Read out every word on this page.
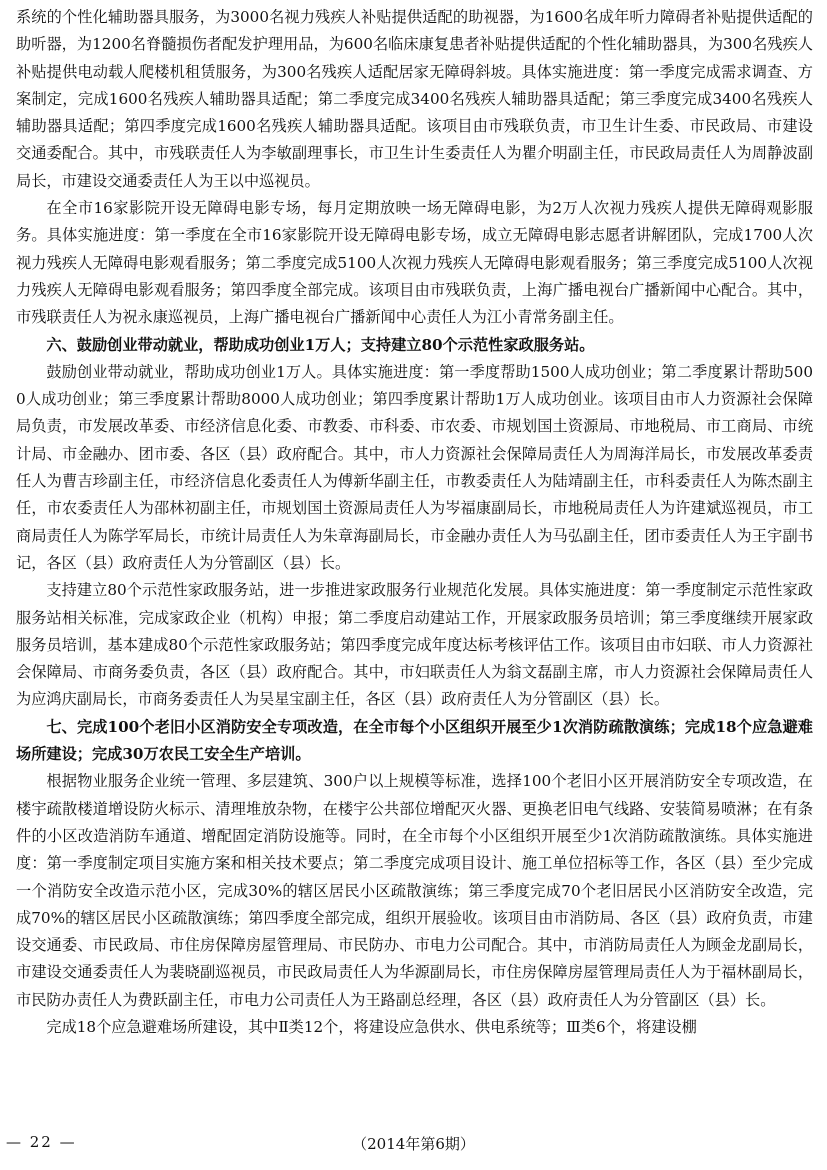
系统的个性化辅助器具服务，为3000名视力残疾人补贴提供适配的助视器，为1600名成年听力障碍者补贴提供适配的助听器，为1200名脊髓损伤者配发护理用品，为600名临床康复患者补贴提供适配的个性化辅助器具，为300名残疾人补贴提供电动载人爬楼机租赁服务，为300名残疾人适配居家无障碍斜坡。具体实施进度：第一季度完成需求调查、方案制定，完成1600名残疾人辅助器具适配；第二季度完成3400名残疾人辅助器具适配；第三季度完成3400名残疾人辅助器具适配；第四季度完成1600名残疾人辅助器具适配。该项目由市残联负责，市卫生计生委、市民政局、市建设交通委配合。其中，市残联责任人为李敏副理事长，市卫生计生委责任人为瞿介明副主任，市民政局责任人为周静波副局长，市建设交通委责任人为王以中巡视员。

在全市16家影院开设无障碍电影专场，每月定期放映一场无障碍电影，为2万人次视力残疾人提供无障碍观影服务。具体实施进度：第一季度在全市16家影院开设无障碍电影专场，成立无障碍电影志愿者讲解团队，完成1700人次视力残疾人无障碍电影观看服务；第二季度完成5100人次视力残疾人无障碍电影观看服务；第三季度完成5100人次视力残疾人无障碍电影观看服务；第四季度全部完成。该项目由市残联负责，上海广播电视台广播新闻中心配合。其中，市残联责任人为祝永康巡视员，上海广播电视台广播新闻中心责任人为江小青常务副主任。

六、鼓励创业带动就业，帮助成功创业1万人；支持建立80个示范性家政服务站。

鼓励创业带动就业，帮助成功创业1万人。具体实施进度：第一季度帮助1500人成功创业；第二季度累计帮助5000人成功创业；第三季度累计帮助8000人成功创业；第四季度累计帮助1万人成功创业。该项目由市人力资源社会保障局负责，市发展改革委、市经济信息化委、市教委、市科委、市农委、市规划国土资源局、市地税局、市工商局、市统计局、市金融办、团市委、各区（县）政府配合。其中，市人力资源社会保障局责任人为周海洋局长，市发展改革委责任人为曹吉珍副主任，市经济信息化委责任人为傅新华副主任，市教委责任人为陆靖副主任，市科委责任人为陈杰副主任，市农委责任人为邵林初副主任，市规划国土资源局责任人为岑福康副局长，市地税局责任人为许建斌巡视员，市工商局责任人为陈学军局长，市统计局责任人为朱章海副局长，市金融办责任人为马弘副主任，团市委责任人为王宇副书记，各区（县）政府责任人为分管副区（县）长。

支持建立80个示范性家政服务站，进一步推进家政服务行业规范化发展。具体实施进度：第一季度制定示范性家政服务站相关标准，完成家政企业（机构）申报；第二季度启动建站工作，开展家政服务员培训；第三季度继续开展家政服务员培训，基本建成80个示范性家政服务站；第四季度完成年度达标考核评估工作。该项目由市妇联、市人力资源社会保障局、市商务委负责，各区（县）政府配合。其中，市妇联责任人为翁文磊副主席，市人力资源社会保障局责任人为应鸿庆副局长，市商务委责任人为吴星宝副主任，各区（县）政府责任人为分管副区（县）长。

七、完成100个老旧小区消防安全专项改造，在全市每个小区组织开展至少1次消防疏散演练；完成18个应急避难场所建设；完成30万农民工安全生产培训。

根据物业服务企业统一管理、多层建筑、300户以上规模等标准，选择100个老旧小区开展消防安全专项改造，在楼宇疏散楼道增设防火标示、清理堆放杂物，在楼宇公共部位增配灭火器、更换老旧电气线路、安装简易喷淋；在有条件的小区改造消防车通道、增配固定消防设施等。同时，在全市每个小区组织开展至少1次消防疏散演练。具体实施进度：第一季度制定项目实施方案和相关技术要点；第二季度完成项目设计、施工单位招标等工作，各区（县）至少完成一个消防安全改造示范小区，完成30%的辖区居民小区疏散演练；第三季度完成70个老旧居民小区消防安全改造，完成70%的辖区居民小区疏散演练；第四季度全部完成，组织开展验收。该项目由市消防局、各区（县）政府负责，市建设交通委、市民政局、市住房保障房屋管理局、市民防办、市电力公司配合。其中，市消防局责任人为顾金龙副局长，市建设交通委责任人为裴晓副巡视员，市民政局责任人为华源副局长，市住房保障房屋管理局责任人为于福林副局长，市民防办责任人为费跃副主任，市电力公司责任人为王路副总经理，各区（县）政府责任人为分管副区（县）长。

完成18个应急避难场所建设，其中Ⅱ类12个，将建设应急供水、供电系统等；Ⅲ类6个，将建设棚

— 22 —	（2014年第6期）
